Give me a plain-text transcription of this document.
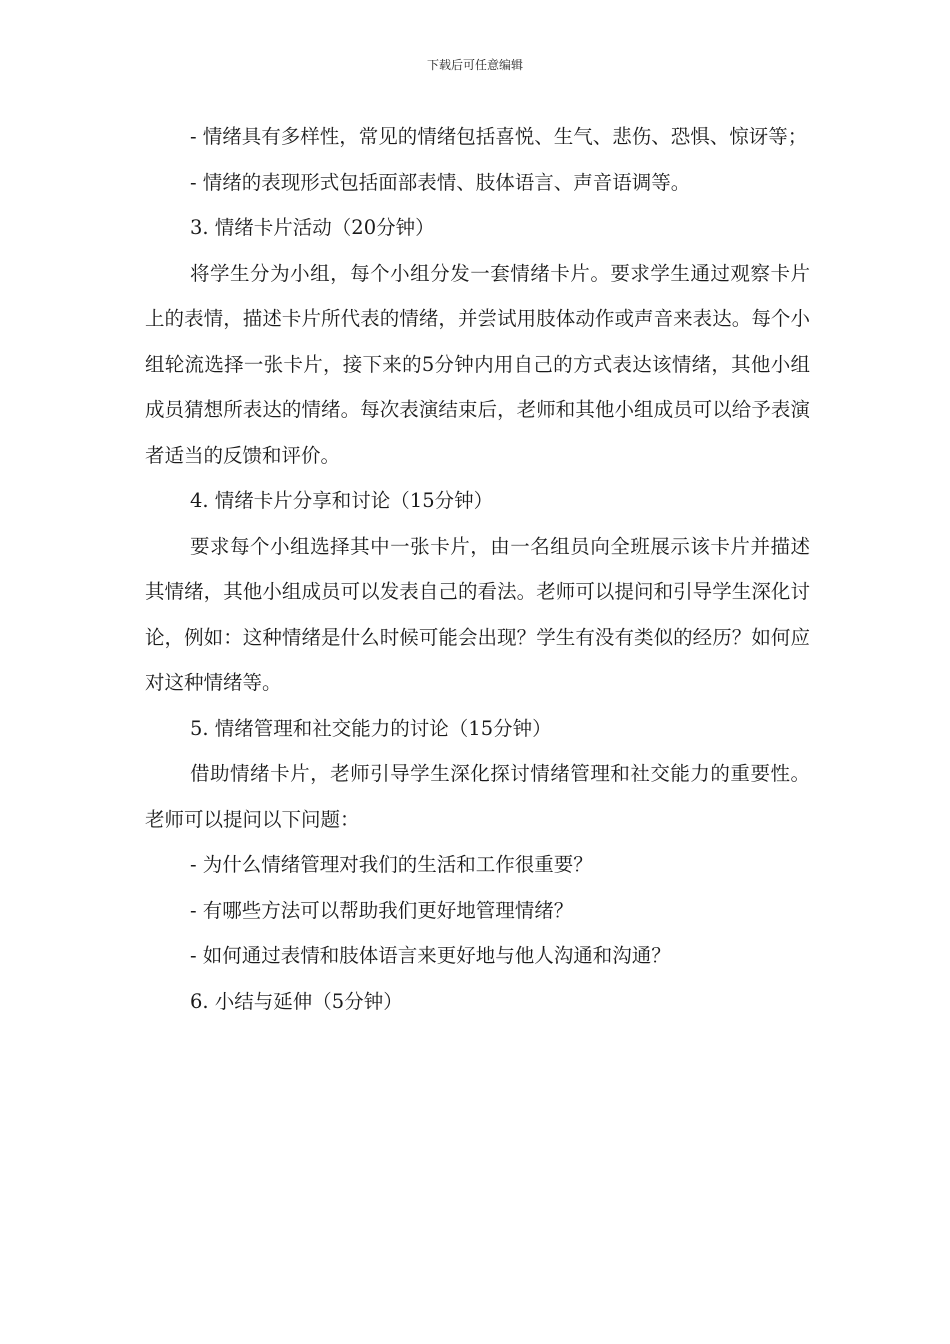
下载后可任意编辑

- 情绪具有多样性，常见的情绪包括喜悦、生气、悲伤、恐惧、惊讶等；

- 情绪的表现形式包括面部表情、肢体语言、声音语调等。

3. 情绪卡片活动（20分钟）

将学生分为小组，每个小组分发一套情绪卡片。要求学生通过观察卡片上的表情，描述卡片所代表的情绪，并尝试用肢体动作或声音来表达。每个小组轮流选择一张卡片，接下来的5分钟内用自己的方式表达该情绪，其他小组成员猜想所表达的情绪。每次表演结束后，老师和其他小组成员可以给予表演者适当的反馈和评价。

4. 情绪卡片分享和讨论（15分钟）

要求每个小组选择其中一张卡片，由一名组员向全班展示该卡片并描述其情绪，其他小组成员可以发表自己的看法。老师可以提问和引导学生深化讨论，例如：这种情绪是什么时候可能会出现？学生有没有类似的经历？如何应对这种情绪等。

5. 情绪管理和社交能力的讨论（15分钟）

借助情绪卡片，老师引导学生深化探讨情绪管理和社交能力的重要性。老师可以提问以下问题：

- 为什么情绪管理对我们的生活和工作很重要？

- 有哪些方法可以帮助我们更好地管理情绪？

- 如何通过表情和肢体语言来更好地与他人沟通和沟通？

6. 小结与延伸（5分钟）
